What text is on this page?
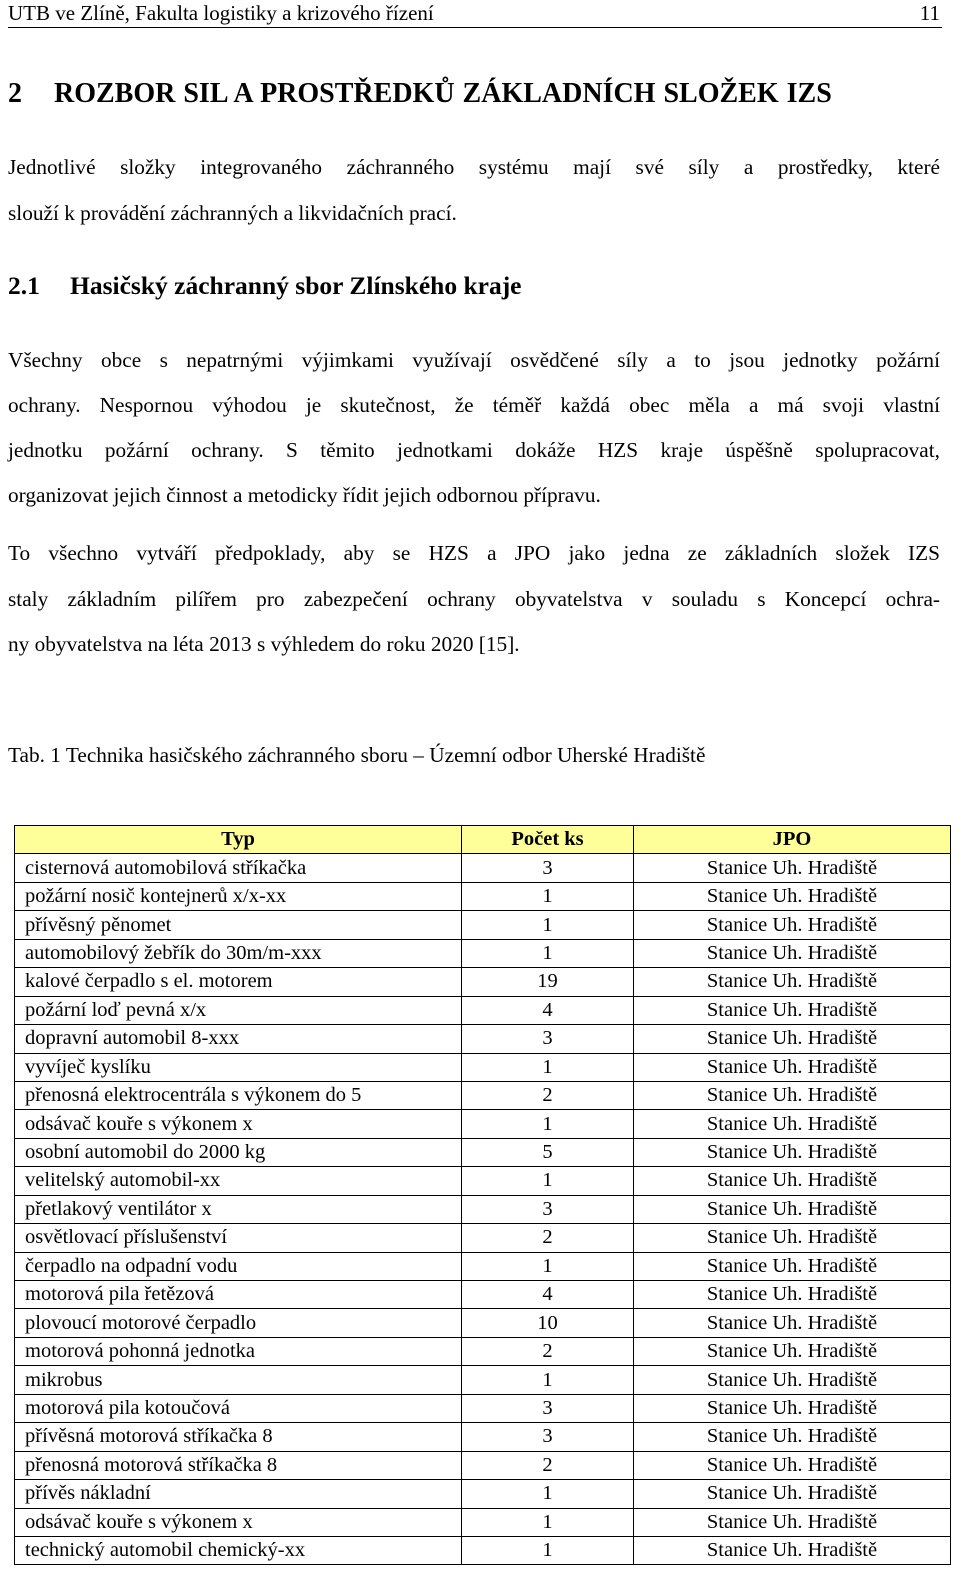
UTB ve Zlíně, Fakulta logistiky a krizového řízení	11
2 ROZBOR SIL A PROSTŘEDKŮ ZÁKLADNÍCH SLOŽEK IZS
Jednotlivé složky integrovaného záchranného systému mají své síly a prostředky, které
slouží k provádění záchranných a likvidačních prací.
2.1 Hasičský záchranný sbor Zlínského kraje
Všechny obce s nepatrnými výjimkami využívají osvědčené síly a to jsou jednotky požární
ochrany. Nespornou výhodou je skutečnost, že téměř každá obec měla a má svoji vlastní
jednotku požární ochrany. S těmito jednotkami dokáže HZS kraje úspěšně spolupracovat,
organizovat jejich činnost a metodicky řídit jejich odbornou přípravu.
To všechno vytváří předpoklady, aby se HZS a JPO jako jedna ze základních složek IZS
staly základním pilířem pro zabezpečení ochrany obyvatelstva v souladu s Koncepcí ochra-
ny obyvatelstva na léta 2013 s výhledem do roku 2020 [15].
Tab. 1 Technika hasičského záchranného sboru – Územní odbor Uherské Hradiště
Typ	Počet ks	JPO
cisternová automobilová stříkačka	3	Stanice Uh. Hradiště
požární nosič kontejnerů x/x-xx	1	Stanice Uh. Hradiště
přívěsný pěnomet	1	Stanice Uh. Hradiště
automobilový žebřík do 30m/m-xxx	1	Stanice Uh. Hradiště
kalové čerpadlo s el. motorem	19	Stanice Uh. Hradiště
požární loď pevná x/x	4	Stanice Uh. Hradiště
dopravní automobil 8-xxx	3	Stanice Uh. Hradiště
vyvíječ kyslíku	1	Stanice Uh. Hradiště
přenosná elektrocentrála s výkonem do 5	2	Stanice Uh. Hradiště
odsávač kouře s výkonem x	1	Stanice Uh. Hradiště
osobní automobil do 2000 kg	5	Stanice Uh. Hradiště
velitelský automobil-xx	1	Stanice Uh. Hradiště
přetlakový ventilátor x	3	Stanice Uh. Hradiště
osvětlovací příslušenství	2	Stanice Uh. Hradiště
čerpadlo na odpadní vodu	1	Stanice Uh. Hradiště
motorová pila řetězová	4	Stanice Uh. Hradiště
plovoucí motorové čerpadlo	10	Stanice Uh. Hradiště
motorová pohonná jednotka	2	Stanice Uh. Hradiště
mikrobus	1	Stanice Uh. Hradiště
motorová pila kotoučová	3	Stanice Uh. Hradiště
přívěsná motorová stříkačka 8	3	Stanice Uh. Hradiště
přenosná motorová stříkačka 8	2	Stanice Uh. Hradiště
přívěs nákladní	1	Stanice Uh. Hradiště
odsávač kouře s výkonem x	1	Stanice Uh. Hradiště
technický automobil chemický-xx	1	Stanice Uh. Hradiště
